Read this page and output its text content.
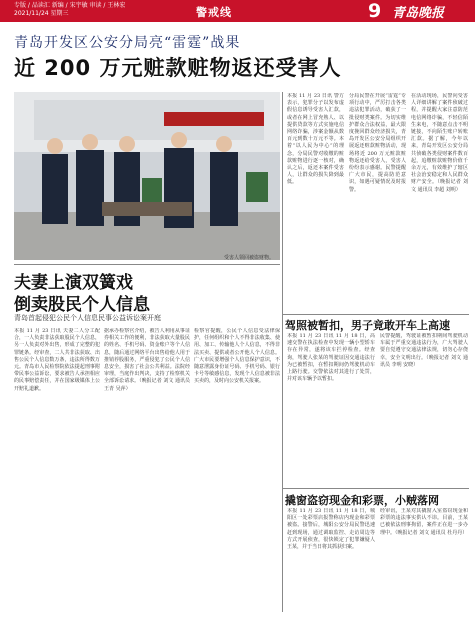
专版 / 品读汇 新编 / 宋宇敏 审读 / 王林宏
2021/11/24 星期三	警戒线	9 青岛晚报
青岛开发区公安分局亮“雷霆”战果
近 200 万元赃款赃物返还受害人
受害人领回被盗财物。
本报 11 月 23 日讯 警方表示，犯罪分子以发布虚假信息诱导受害人汇款，或者在网上冒充熟人、以提供贷款等方式实施电信网络诈骗，涉案金额从数百元到数十万元不等。本着“以人民为中心”的理念，分局民警对收缴的赃款赃物进行逐一核对，确认之后，返还本案件受害人，让群众的损失降到最低。
分局民警在开展“雷霆”专项行动中，严厉打击各类违法犯罪活动，破获了一批侵财类案件。为切实维护群众合法权益，最大限度挽回群众经济损失，青岛开发区公安分局组织开展返还赃款赃物活动，现场将近 200 万元赃款赃物返还给受害人，受害人纷纷表示感谢。民警提醒广大市民，提高防范意识，如遇可疑情况及时报警。
在活动现场，民警向受害人详细讲解了案件侦破过程，并提醒大家注意防范电信网络诈骗，不轻信陌生来电，不随意点击不明链接，不向陌生账户转账汇款。据了解，今年以来，青岛开发区公安分局共侦破各类侵财案件数百起，追缴赃款赃物价值千余万元，有效维护了辖区社会治安稳定和人民群众财产安全。（晚报记者 刘文 通讯员 李超 刘明）
夫妻上演双簧戏
倒卖股民个人信息
青岛首起侵犯公民个人信息民事公益诉讼案开庭
本报 11 月 23 日讯 夫妻二人分工配合，一人负责非法获取股民个人信息，另一人负责对外出售，形成了完整的犯罪链条。经审查，二人共非法获取、出售公民个人信息数万条，违法所得数万元。青岛市人民检察院依法提起刑事附带民事公益诉讼，要求被告人承担相应的民事赔偿责任，并在国家级媒体上公开赔礼道歉。
据承办检察官介绍，被告人利用从事证券相关工作的便利，非法获取大量股民的姓名、手机号码、资金账户等个人信息，随后通过网络平台出售给他人用于推销荐股服务，严重侵犯了公民个人信息安全，损害了社会公共利益。法院经审理，当庭作出判决，支持了检察机关全部诉讼请求。（晚报记者 刘文 通讯员 王青 吴萍）
检察官提醒，公民个人信息受法律保护，任何组织和个人不得非法收集、使用、加工、传输他人个人信息，不得非法买卖、提供或者公开他人个人信息。广大市民要增强个人信息保护意识，不随意泄露身份证号码、手机号码、银行卡号等敏感信息，发现个人信息被非法买卖的，及时向公安机关报案。
驾照被暂扣，男子竟敢开车上高速
本报 11 月 23 日讯 11 月 18 日，高速交警在执法检查中发现一辆小型轿车存在异常，遂将该车拦停检查。经查询，驾驶人张某的驾驶证因交通违法行为已被暂扣，在暂扣期间仍驾驶机动车上路行驶。交警依法对其进行了处罚，并对该车辆予以暂扣。
民警提醒，驾驶证被暂扣期间驾驶机动车属于严重交通违法行为，广大驾驶人要自觉遵守交通法律法规，切勿心存侥幸，安全文明出行。（晚报记者 刘文 通讯员 李明 安晓）
撬窗盗窃现金和彩票，小贼落网
本报 11 月 23 日讯 11 月 18 日，城阳区一处彩票店报警称店内现金和彩票被盗。接警后，城阳公安分局民警迅速赶到现场，通过调取监控、走访周边等方式开展侦查，很快锁定了犯罪嫌疑人王某，并于当日将其抓获归案。
经审讯，王某对其撬窗入室盗窃现金和彩票的违法事实供认不讳。目前，王某已被依法刑事拘留，案件正在进一步办理中。（晚报记者 刘文 通讯员 杜丹丹）
